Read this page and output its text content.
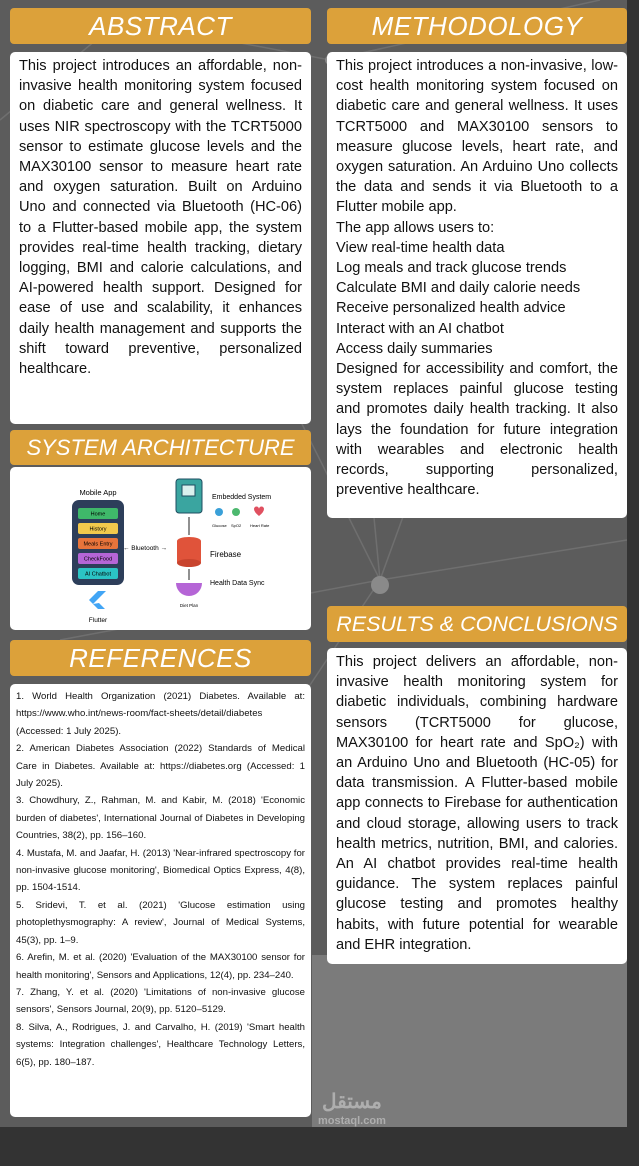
ABSTRACT

This project introduces an affordable, non-invasive health monitoring system focused on diabetic care and general wellness. It uses NIR spectroscopy with the TCRT5000 sensor to estimate glucose levels and the MAX30100 sensor to measure heart rate and oxygen saturation. Built on Arduino Uno and connected via Bluetooth (HC-06) to a Flutter-based mobile app, the system provides real-time health tracking, dietary logging, BMI and calorie calculations, and AI-powered health support. Designed for ease of use and scalability, it enhances daily health management and supports the shift toward preventive, personalized healthcare.

METHODOLOGY

This project introduces a non-invasive, low-cost health monitoring system focused on diabetic care and general wellness. It uses TCRT5000 and MAX30100 sensors to measure glucose levels, heart rate, and oxygen saturation. An Arduino Uno collects the data and sends it via Bluetooth to a Flutter mobile app.

The app allows users to:

View real-time health data

Log meals and track glucose trends

Calculate BMI and daily calorie needs

Receive personalized health advice

Interact with an AI chatbot

Access daily summaries

Designed for accessibility and comfort, the system replaces painful glucose testing and promotes daily health tracking. It also lays the foundation for future integration with wearables and electronic health records, supporting personalized, preventive healthcare.

SYSTEM ARCHITECTURE
Mobile App
Home
History
Meals Entry
CheckFood
AI Chatbot
← Bluetooth →
Embedded System
Glucose SpO2 Heart Rate
Firebase
Diet Plan
Health Data Sync
Flutter
REFERENCES

1. World Health Organization (2021) Diabetes. Available at: https://www.who.int/news-room/fact-sheets/detail/diabetes (Accessed: 1 July 2025).

2. American Diabetes Association (2022) Standards of Medical Care in Diabetes. Available at: https://diabetes.org (Accessed: 1 July 2025).

3. Chowdhury, Z., Rahman, M. and Kabir, M. (2018) 'Economic burden of diabetes', International Journal of Diabetes in Developing Countries, 38(2), pp. 156–160.

4. Mustafa, M. and Jaafar, H. (2013) 'Near-infrared spectroscopy for non-invasive glucose monitoring', Biomedical Optics Express, 4(8), pp. 1504-1514.

5. Sridevi, T. et al. (2021) 'Glucose estimation using photoplethysmography: A review', Journal of Medical Systems, 45(3), pp. 1–9.

6. Arefin, M. et al. (2020) 'Evaluation of the MAX30100 sensor for health monitoring', Sensors and Applications, 12(4), pp. 234–240.

7. Zhang, Y. et al. (2020) 'Limitations of non-invasive glucose sensors', Sensors Journal, 20(9), pp. 5120–5129.

8. Silva, A., Rodrigues, J. and Carvalho, H. (2019) 'Smart health systems: Integration challenges', Healthcare Technology Letters, 6(5), pp. 180–187.

RESULTS & CONCLUSIONS

This project delivers an affordable, non-invasive health monitoring system for diabetic individuals, combining hardware sensors (TCRT5000 for glucose, MAX30100 for heart rate and SpO₂) with an Arduino Uno and Bluetooth (HC-05) for data transmission. A Flutter-based mobile app connects to Firebase for authentication and cloud storage, allowing users to track health metrics, nutrition, BMI, and calories. An AI chatbot provides real-time health guidance. The system replaces painful glucose testing and promotes healthy habits, with future potential for wearable and EHR integration.

مستقل
mostaql.com
